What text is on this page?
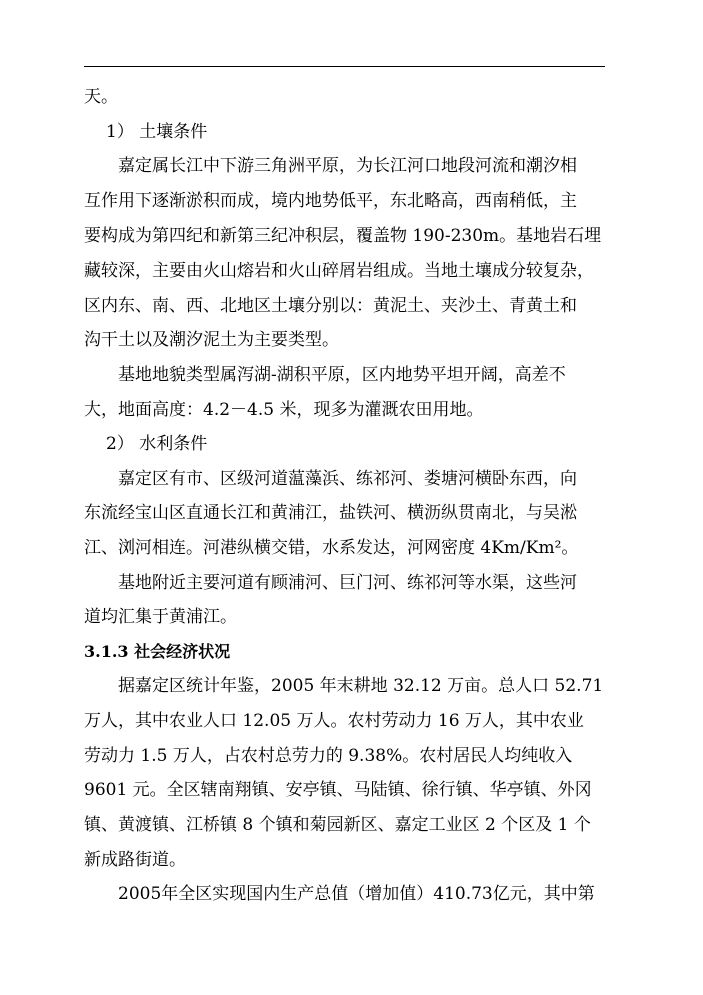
天。
1） 土壤条件
嘉定属长江中下游三角洲平原，为长江河口地段河流和潮汐相
互作用下逐渐淤积而成，境内地势低平，东北略高，西南稍低，主
要构成为第四纪和新第三纪冲积层，覆盖物 190-230m。基地岩石埋
藏较深，主要由火山熔岩和火山碎屑岩组成。当地土壤成分较复杂，
区内东、南、西、北地区土壤分别以：黄泥土、夹沙土、青黄土和
沟干土以及潮汐泥土为主要类型。
基地地貌类型属泻湖-湖积平原，区内地势平坦开阔，高差不
大，地面高度：4.2－4.5 米，现多为灌溉农田用地。
2） 水利条件
嘉定区有市、区级河道蕰藻浜、练祁河、娄塘河横卧东西，向
东流经宝山区直通长江和黄浦江，盐铁河、横沥纵贯南北，与吴淞
江、浏河相连。河港纵横交错，水系发达，河网密度 4Km/Km²。
基地附近主要河道有顾浦河、巨门河、练祁河等水渠，这些河
道均汇集于黄浦江。
3.1.3 社会经济状况
据嘉定区统计年鉴，2005 年末耕地 32.12 万亩。总人口 52.71
万人，其中农业人口 12.05 万人。农村劳动力 16 万人，其中农业
劳动力 1.5 万人，占农村总劳力的 9.38%。农村居民人均纯收入
9601 元。全区辖南翔镇、安亭镇、马陆镇、徐行镇、华亭镇、外冈
镇、黄渡镇、江桥镇 8 个镇和菊园新区、嘉定工业区 2 个区及 1 个
新成路街道。
2005年全区实现国内生产总值（增加值）410.73亿元，其中第
